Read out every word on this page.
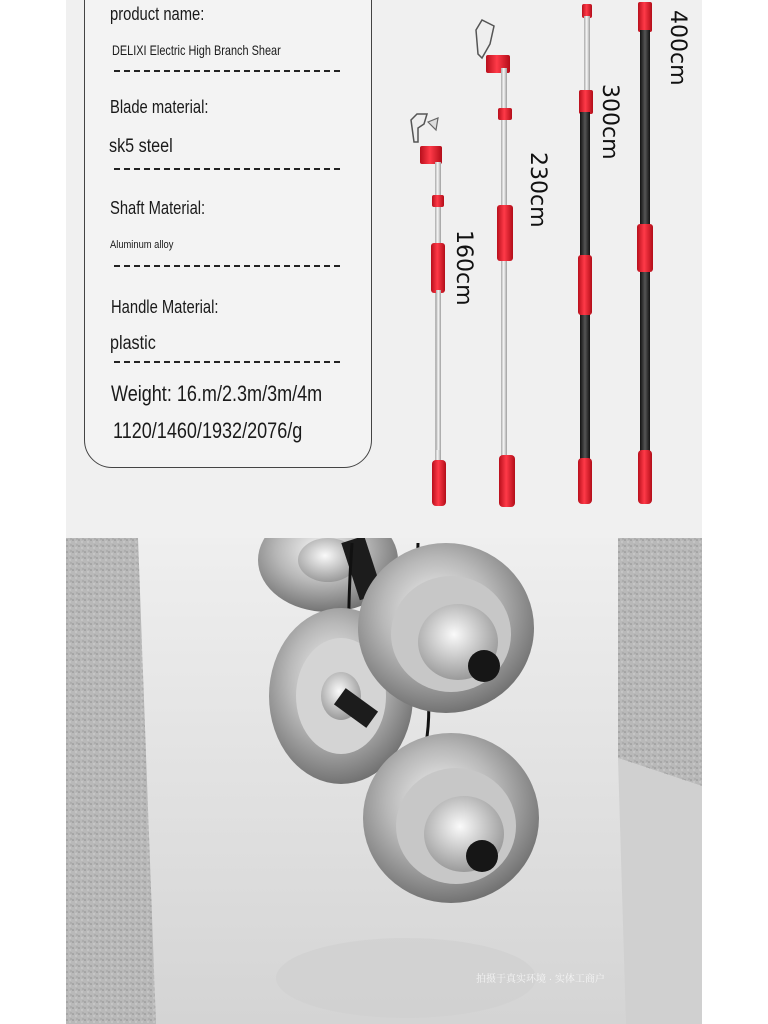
product name:
DELIXI Electric High Branch Shear
Blade material:
sk5 steel
Shaft Material:
Aluminum alloy
Handle Material:
plastic
Weight: 16.m/2.3m/3m/4m
1120/1460/1932/2076/g
160cm
230cm
300cm
400cm
拍摄于真实环境 · 实体工商户
